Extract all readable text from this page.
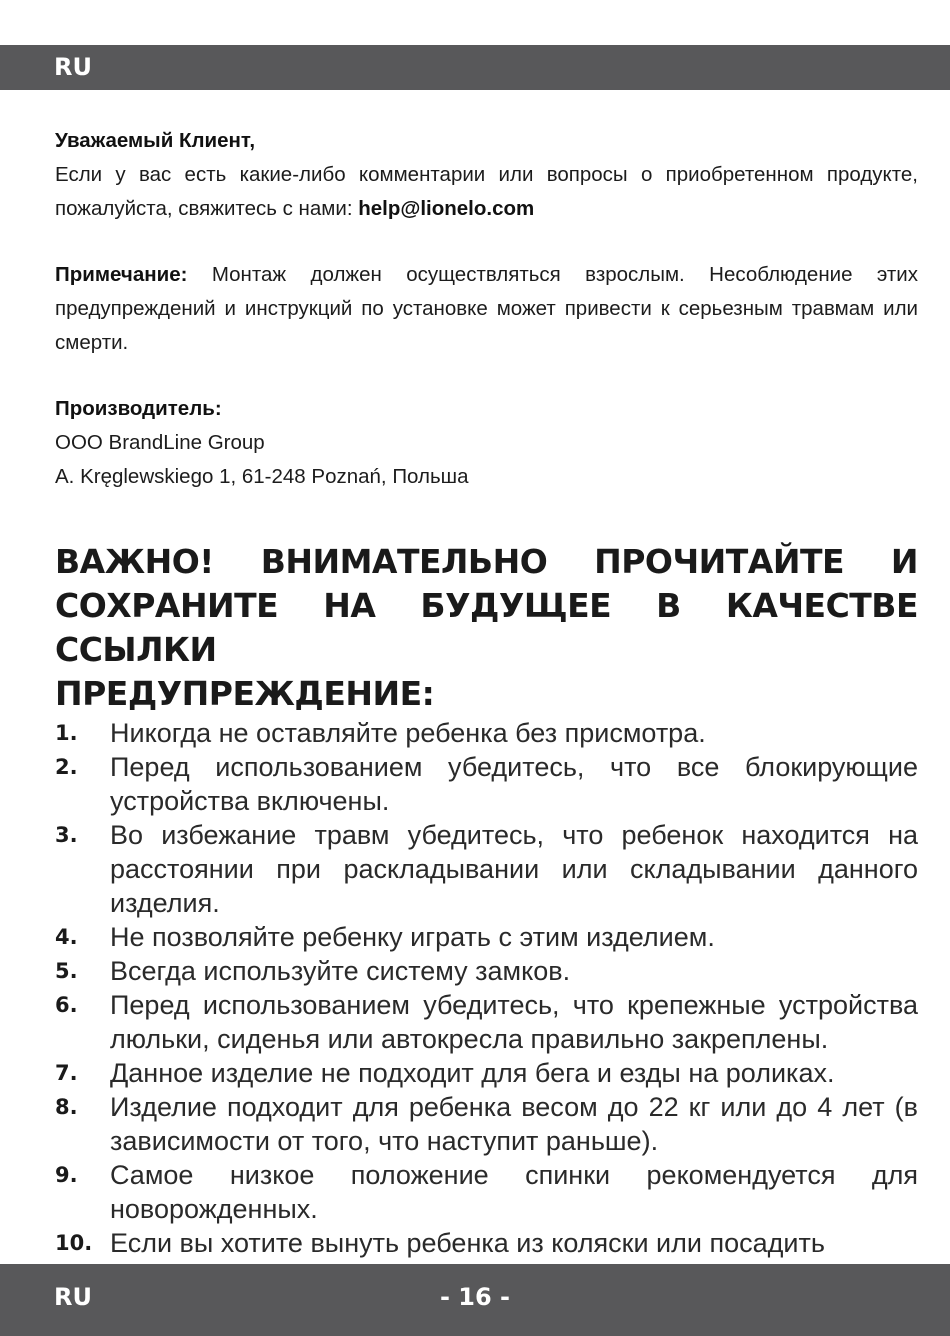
RU

Уважаемый Клиент,

Если у вас есть какие-либо комментарии или вопросы о приобретенном продукте, пожалуйста, свяжитесь с нами: help@lionelo.com

Примечание: Монтаж должен осуществляться взрослым. Несоблюдение этих предупреждений и инструкций по установке может привести к серьезным травмам или смерти.

Производитель:

OOO BrandLine Group

A. Kręglewskiego 1, 61-248 Poznań, Польша

ВАЖНО! ВНИМАТЕЛЬНО ПРОЧИТАЙТЕ И
СОХРАНИТЕ НА БУДУЩЕЕ В КАЧЕСТВЕ ССЫЛКИ
ПРЕДУПРЕЖДЕНИЕ:
1. Никогда не оставляйте ребенка без присмотра.
2. Перед использованием убедитесь, что все блокирующие устройства включены.
3. Во избежание травм убедитесь, что ребенок находится на расстоянии при раскладывании или складывании данного изделия.
4. Не позволяйте ребенку играть с этим изделием.
5. Всегда используйте систему замков.
6. Перед использованием убедитесь, что крепежные устройства люльки, сиденья или автокресла правильно закреплены.
7. Данное изделие не подходит для бега и езды на роликах.
8. Изделие подходит для ребенка весом до 22 кг или до 4 лет (в зависимости от того, что наступит раньше).
9. Самое низкое положение спинки рекомендуется для новорожденных.
10. Если вы хотите вынуть ребенка из коляски или посадить
RU	- 16 -
